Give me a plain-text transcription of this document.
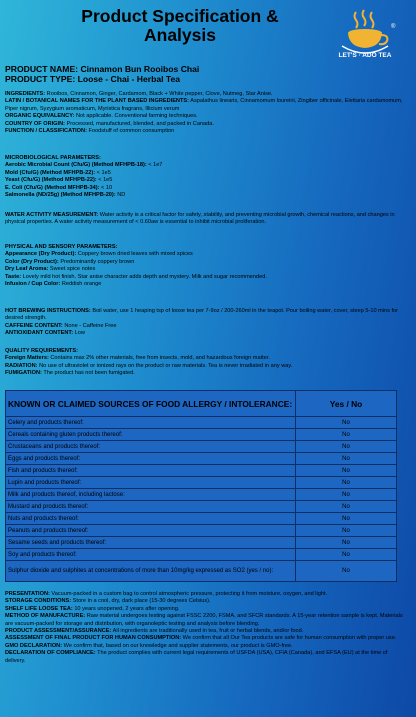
Product Specification &
Analysis
LET'S · ADO TEA
®
PRODUCT NAME: Cinnamon Bun Rooibos Chai
PRODUCT TYPE: Loose - Chai - Herbal Tea
INGREDIENTS: Rooibos, Cinnamon, Ginger, Cardamom, Black + White pepper, Clove, Nutmeg, Star Anise.
LATIN / BOTANICAL NAMES FOR THE PLANT BASED INGREDIENTS: Aspalathus linearis, Cinnamomum loureirii, Zingiber officinale, Elettaria cardamomum, Piper nigrum, Syzygium aromaticum, Myristica fragrans, Illicium verum
ORGANIC EQUIVALENCY: Not applicable. Conventional farming techniques.
COUNTRY OF ORIGIN: Processed, manufactured, blended, and packed in Canada.
FUNCTION / CLASSIFICATION: Foodstuff of common consumption
MICROBIOLOGICAL PARAMETERS:
Aerobic Microbial Count (Cfu/G) (Method MFHPB-18): < 1e7
Mold (Cfu/G) (Method MFHPB-22): < 1e5
Yeast (Cfu/G) (Method MFHPB-22): < 1e5
E. Coli (Cfu/G) (Method MFHPB-34): < 10
Salmonella (ND/25g) (Method MFHPB-20): ND
WATER ACTIVITY MEASUREMENT: Water activity is a critical factor for safety, stability, and preventing microbial growth, chemical reactions, and changes in physical properties. A water activity measurement of < 0.60aw is essential to inhibit microbial proliferation.
PHYSICAL AND SENSORY PARAMETERS:
Appearance (Dry Product): Coppery brown dried leaves with mixed spices
Color (Dry Product): Predominantly coppery brown
Dry Leaf Aroma: Sweet spice notes
Taste: Lovely mild hot finish. Star anise character adds depth and mystery. Milk and sugar recommended.
Infusion / Cup Color: Reddish orange
HOT BREWING INSTRUCTIONS: Boil water, use 1 heaping tsp of loose tea per 7-9oz / 200-260ml in the teapot. Pour boiling water, cover, steep 5-10 mins for desired strength.
CAFFEINE CONTENT: None - Caffeine Free
ANTIOXIDANT CONTENT: Low
QUALITY REQUIREMENTS:
Foreign Matters: Contains max 2% other materials, free from insects, mold, and hazardous foreign matter.
RADIATION: No use of ultraviolet or ionized rays on the product or raw materials. Tea is never irradiated in any way.
FUMIGATION: The product has not been fumigated.
KNOWN OR CLAIMED SOURCES OF FOOD ALLERGY / INTOLERANCE:	Yes / No
Celery and products thereof:	No
Cereals containing gluten products thereof:	No
Crustaceans and products thereof:	No
Eggs and products thereof:	No
Fish and products thereof:	No
Lupin and products thereof:	No
Milk and products thereof, including lactose:	No
Mustard and products thereof:	No
Nuts and products thereof:	No
Peanuts and products thereof:	No
Sesame seeds and products thereof:	No
Soy and products thereof:	No
Sulphur dioxide and sulphites at concentrations of more than 10mg/kg expressed as SO2 (yes / no):	No
PRESENTATION: Vacuum-packed in a custom bag to control atmospheric pressure, protecting it from moisture, oxygen, and light.
STORAGE CONDITIONS: Store in a cool, dry, dark place (15-30 degrees Celsius).
SHELF LIFE LOOSE TEA: 10 years unopened, 2 years after opening.
METHOD OF MANUFACTURE: Raw material undergoes testing against FSSC 2200, FSMA, and SFCR standards. A 15-year retention sample is kept. Materials are vacuum-packed for storage and distribution, with organoleptic testing and analysis before blending.
PRODUCT ASSESSMENT/ASSURANCE: All ingredients are traditionally used in tea, fruit or herbal blends, and/or food.
ASSESSMENT OF FINAL PRODUCT FOR HUMAN CONSUMPTION: We confirm that all Our Tea products are safe for human consumption with proper use.
GMO DECLARATION: We confirm that, based on our knowledge and supplier statements, our product is GMO-free.
DECLARATION OF COMPLIANCE: The product complies with current legal requirements of USFDA (USA), CFIA (Canada), and EFSA (EU) at the time of delivery.
